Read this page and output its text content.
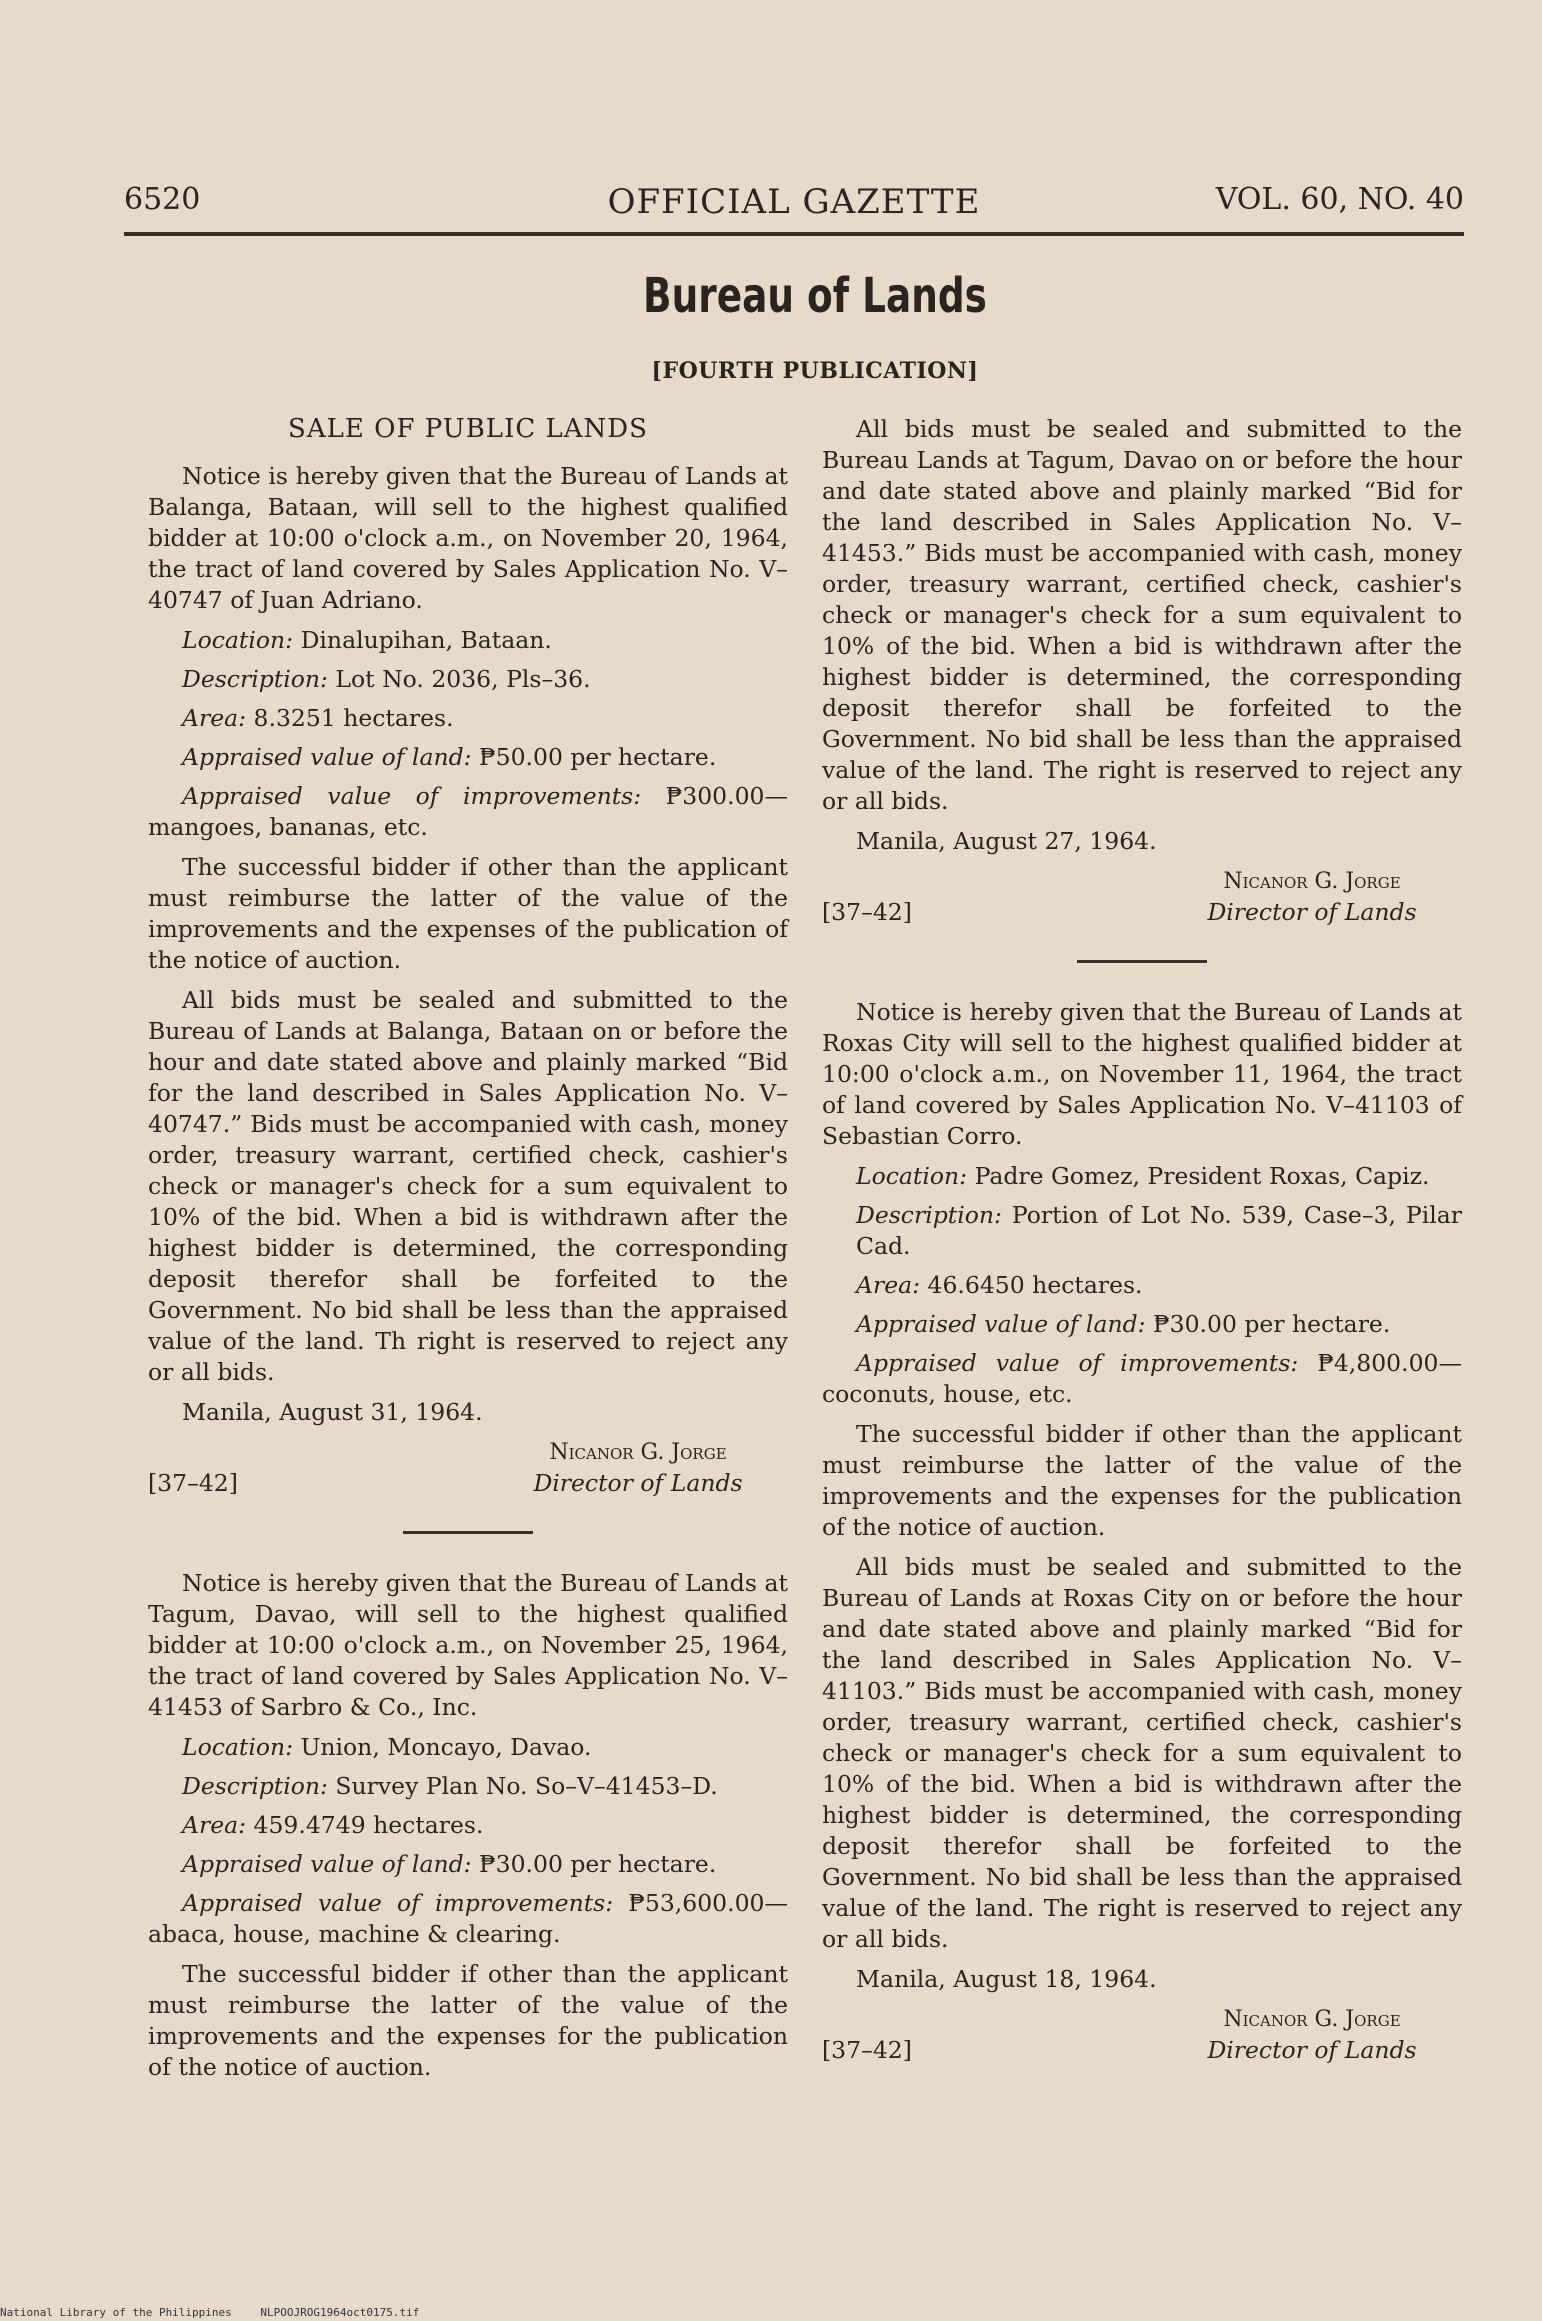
6520	OFFICIAL GAZETTE	VOL. 60, NO. 40
Bureau of Lands
[FOURTH PUBLICATION]
SALE OF PUBLIC LANDS

Notice is hereby given that the Bureau of Lands at Balanga, Bataan, will sell to the highest qualified bidder at 10:00 o'clock a.m., on November 20, 1964, the tract of land covered by Sales Application No. V–40747 of Juan Adriano.

Location: Dinalupihan, Bataan.

Description: Lot No. 2036, Pls–36.

Area: 8.3251 hectares.

Appraised value of land: ₱50.00 per hectare.

Appraised value of improvements: ₱300.00—mangoes, bananas, etc.

The successful bidder if other than the applicant must reimburse the latter of the value of the improvements and the expenses of the publication of the notice of auction.

All bids must be sealed and submitted to the Bureau of Lands at Balanga, Bataan on or before the hour and date stated above and plainly marked “Bid for the land described in Sales Application No. V–40747.” Bids must be accompanied with cash, money order, treasury warrant, certified check, cashier's check or manager's check for a sum equivalent to 10% of the bid. When a bid is withdrawn after the highest bidder is determined, the corresponding deposit therefor shall be forfeited to the Government. No bid shall be less than the appraised value of the land. Th right is reserved to reject any or all bids.

Manila, August 31, 1964.

Nicanor G. Jorge
Director of Lands
[37–42]

Notice is hereby given that the Bureau of Lands at Tagum, Davao, will sell to the highest qualified bidder at 10:00 o'clock a.m., on November 25, 1964, the tract of land covered by Sales Application No. V–41453 of Sarbro & Co., Inc.

Location: Union, Moncayo, Davao.

Description: Survey Plan No. So–V–41453–D.

Area: 459.4749 hectares.

Appraised value of land: ₱30.00 per hectare.

Appraised value of improvements: ₱53,600.00—abaca, house, machine & clearing.

The successful bidder if other than the applicant must reimburse the latter of the value of the improvements and the expenses for the publication of the notice of auction.

All bids must be sealed and submitted to the Bureau Lands at Tagum, Davao on or before the hour and date stated above and plainly marked “Bid for the land described in Sales Application No. V–41453.” Bids must be accompanied with cash, money order, treasury warrant, certified check, cashier's check or manager's check for a sum equivalent to 10% of the bid. When a bid is withdrawn after the highest bidder is determined, the corresponding deposit therefor shall be forfeited to the Government. No bid shall be less than the appraised value of the land. The right is reserved to reject any or all bids.

Manila, August 27, 1964.

Nicanor G. Jorge
Director of Lands
[37–42]

Notice is hereby given that the Bureau of Lands at Roxas City will sell to the highest qualified bidder at 10:00 o'clock a.m., on November 11, 1964, the tract of land covered by Sales Application No. V–41103 of Sebastian Corro.

Location: Padre Gomez, President Roxas, Capiz.

Description: Portion of Lot No. 539, Case–3, Pilar Cad.

Area: 46.6450 hectares.

Appraised value of land: ₱30.00 per hectare.

Appraised value of improvements: ₱4,800.00—coconuts, house, etc.

The successful bidder if other than the applicant must reimburse the latter of the value of the improvements and the expenses for the publication of the notice of auction.

All bids must be sealed and submitted to the Bureau of Lands at Roxas City on or before the hour and date stated above and plainly marked “Bid for the land described in Sales Application No. V–41103.” Bids must be accompanied with cash, money order, treasury warrant, certified check, cashier's check or manager's check for a sum equivalent to 10% of the bid. When a bid is withdrawn after the highest bidder is determined, the corresponding deposit therefor shall be forfeited to the Government. No bid shall be less than the appraised value of the land. The right is reserved to reject any or all bids.

Manila, August 18, 1964.

Nicanor G. Jorge
Director of Lands
[37–42]
National Library of the Philippines	NLPOOJROG1964oct0175.tif
